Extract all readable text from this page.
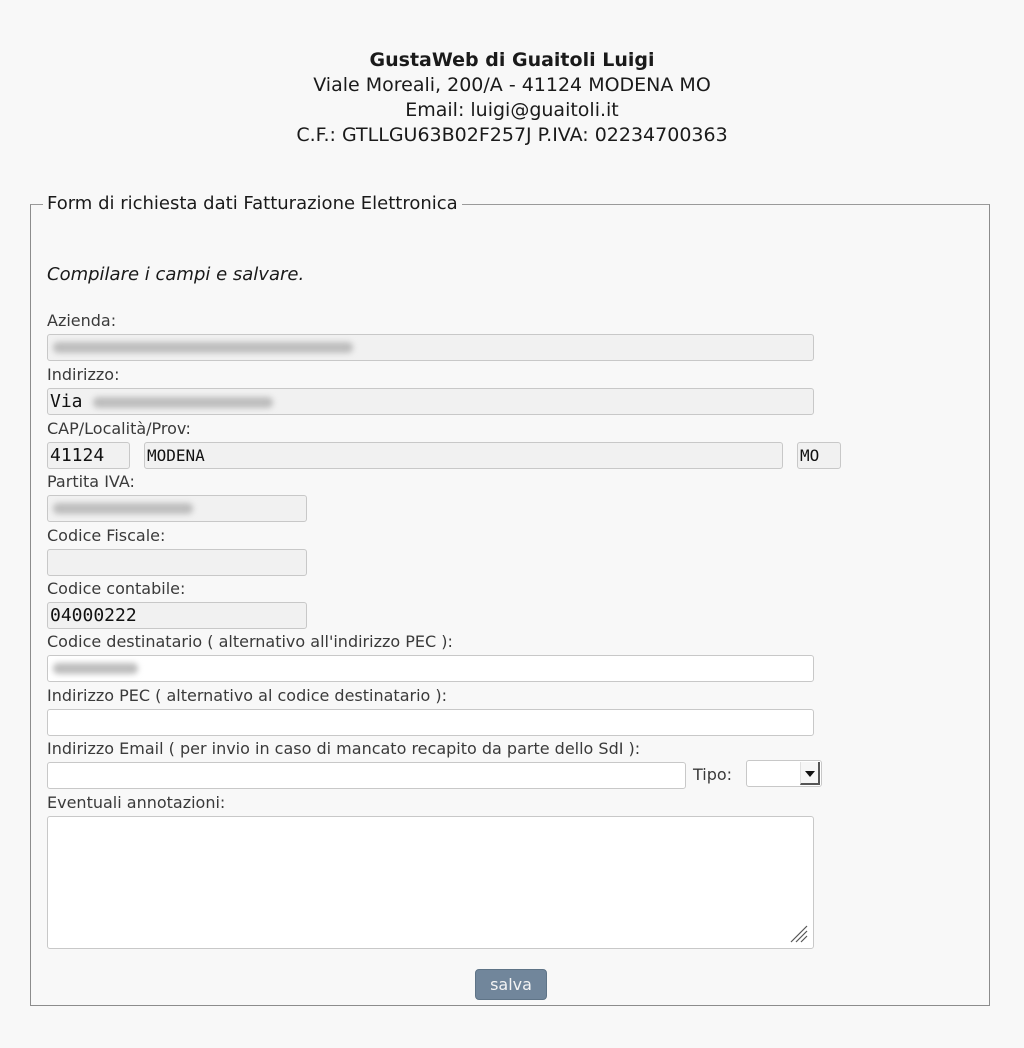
GustaWeb di Guaitoli Luigi
Viale Moreali, 200/A - 41124 MODENA MO
Email: luigi@guaitoli.it
C.F.: GTLLGU63B02F257J P.IVA: 02234700363
Form di richiesta dati Fatturazione Elettronica
Compilare i campi e salvare.
Azienda:
Indirizzo:
Via
CAP/Località/Prov:
41124	MODENA	MO
Partita IVA:
Codice Fiscale:
Codice contabile:
04000222
Codice destinatario ( alternativo all'indirizzo PEC ):
Indirizzo PEC ( alternativo al codice destinatario ):
Indirizzo Email ( per invio in caso di mancato recapito da parte dello SdI ):
Tipo:
Eventuali annotazioni:
salva
